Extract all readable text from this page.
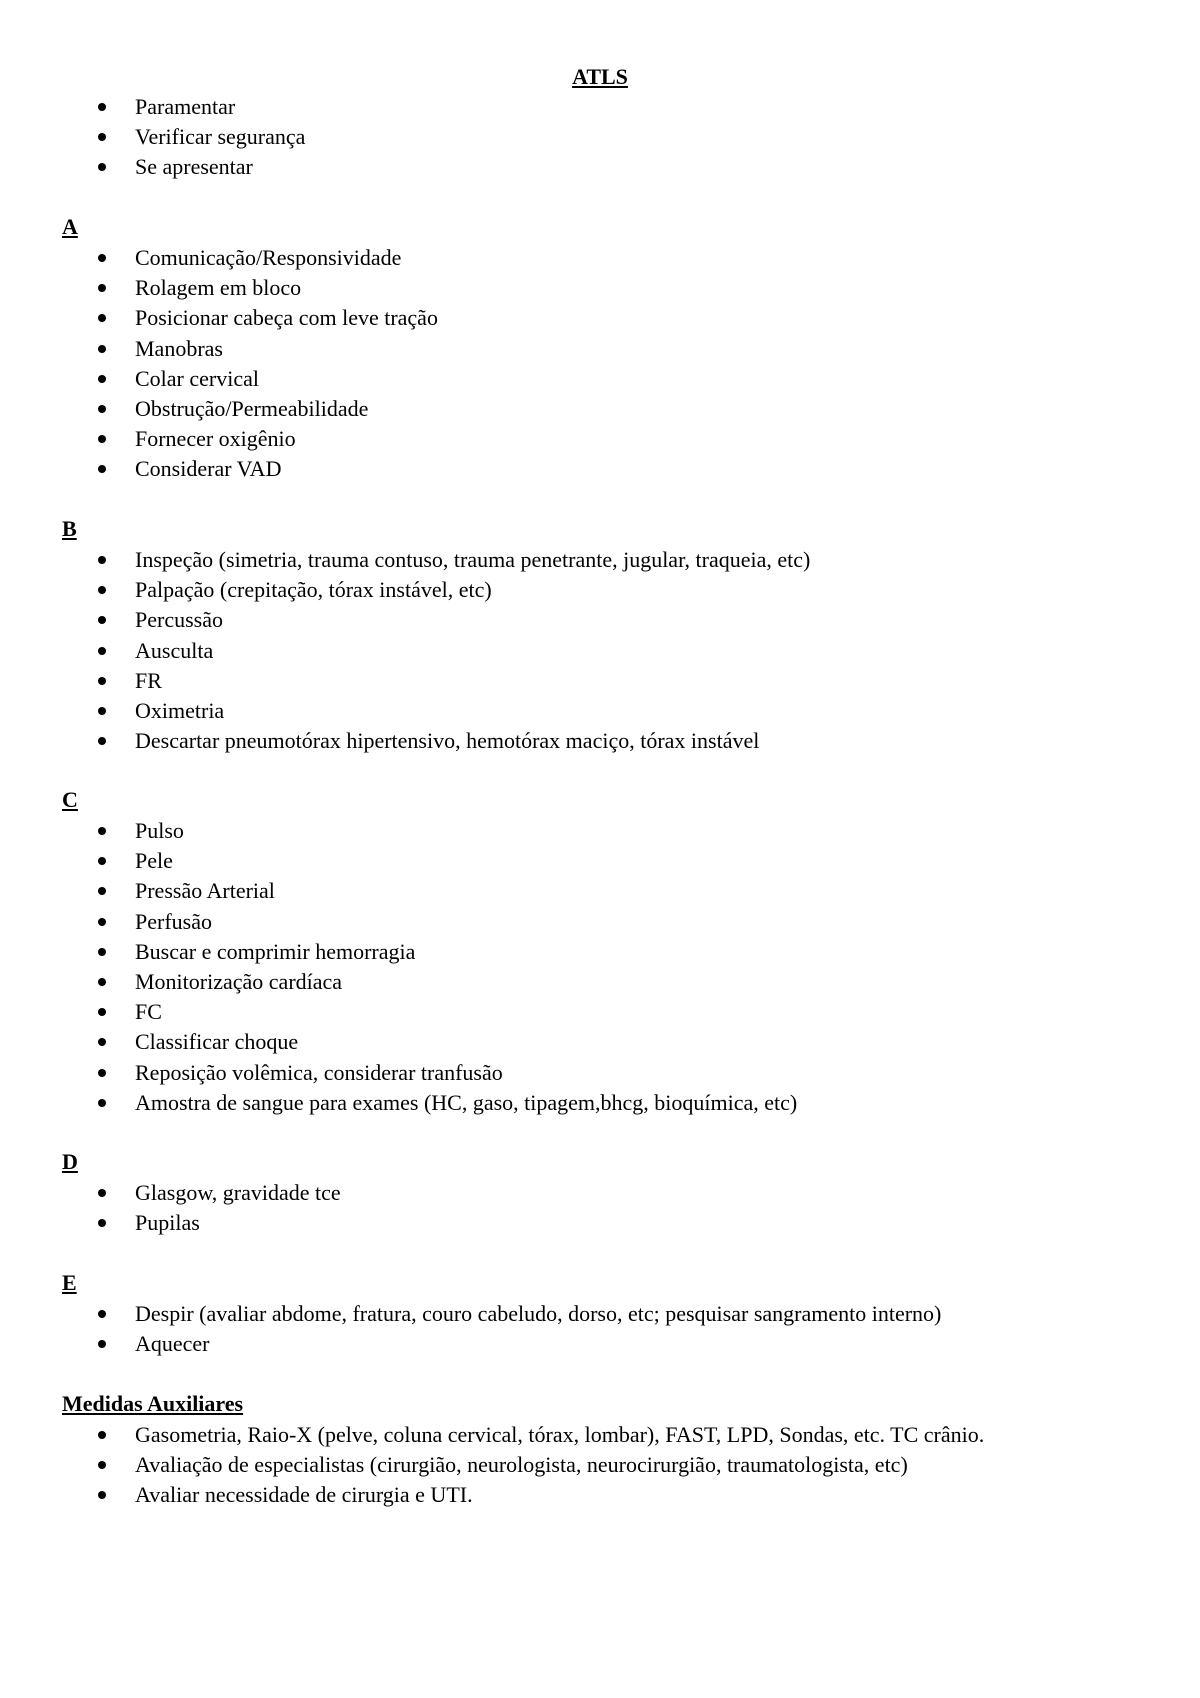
ATLS
Paramentar
Verificar segurança
Se apresentar
A
Comunicação/Responsividade
Rolagem em bloco
Posicionar cabeça com leve tração
Manobras
Colar cervical
Obstrução/Permeabilidade
Fornecer oxigênio
Considerar VAD
B
Inspeção (simetria, trauma contuso, trauma penetrante, jugular, traqueia, etc)
Palpação (crepitação, tórax instável, etc)
Percussão
Ausculta
FR
Oximetria
Descartar pneumotórax hipertensivo, hemotórax maciço, tórax instável
C
Pulso
Pele
Pressão Arterial
Perfusão
Buscar e comprimir hemorragia
Monitorização cardíaca
FC
Classificar choque
Reposição volêmica, considerar tranfusão
Amostra de sangue para exames (HC, gaso, tipagem,bhcg, bioquímica, etc)
D
Glasgow, gravidade tce
Pupilas
E
Despir (avaliar abdome, fratura, couro cabeludo, dorso, etc; pesquisar sangramento interno)
Aquecer
Medidas Auxiliares
Gasometria, Raio-X (pelve, coluna cervical, tórax, lombar), FAST, LPD, Sondas, etc. TC crânio.
Avaliação de especialistas (cirurgião, neurologista, neurocirurgião, traumatologista, etc)
Avaliar necessidade de cirurgia e UTI.
